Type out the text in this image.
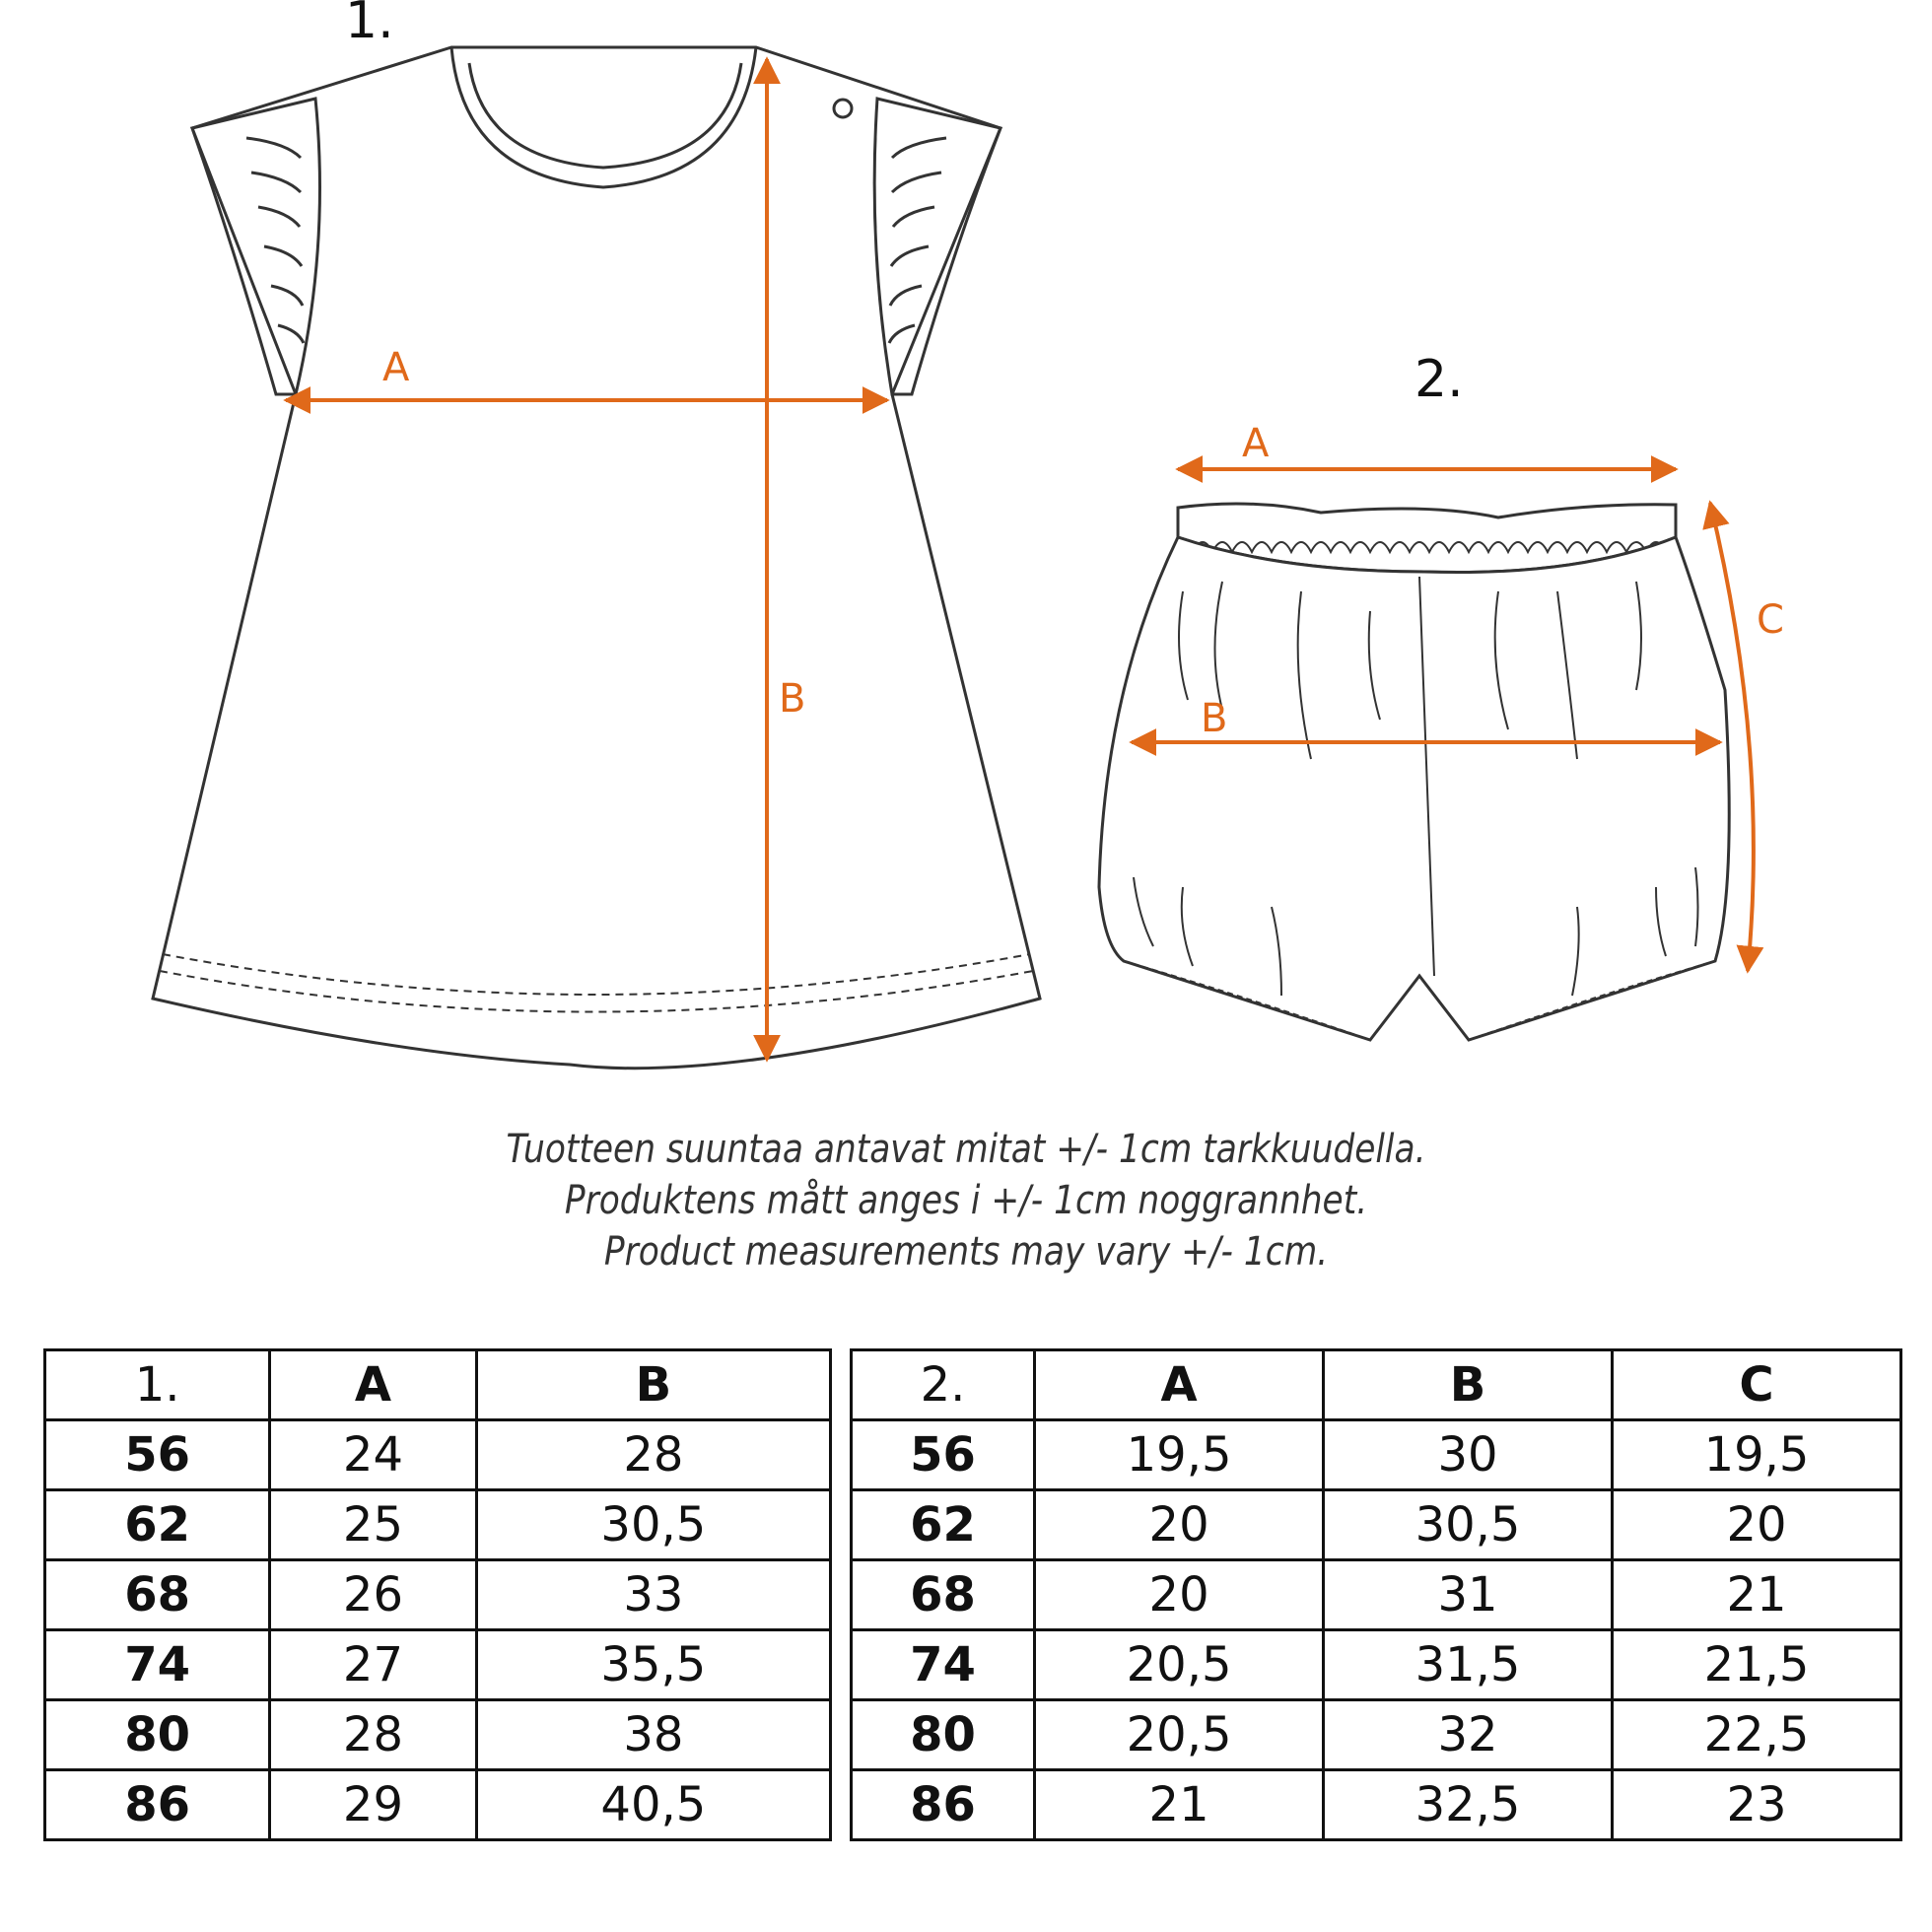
1.
A
B
2.
A
B
C
Tuotteen suuntaa antavat mitat +/- 1cm tarkkuudella.
Produktens mått anges i +/- 1cm noggrannhet.
Product measurements may vary +/- 1cm.
1.	A	B
56	24	28
62	25	30,5
68	26	33
74	27	35,5
80	28	38
86	29	40,5
2.	A	B	C
56	19,5	30	19,5
62	20	30,5	20
68	20	31	21
74	20,5	31,5	21,5
80	20,5	32	22,5
86	21	32,5	23
